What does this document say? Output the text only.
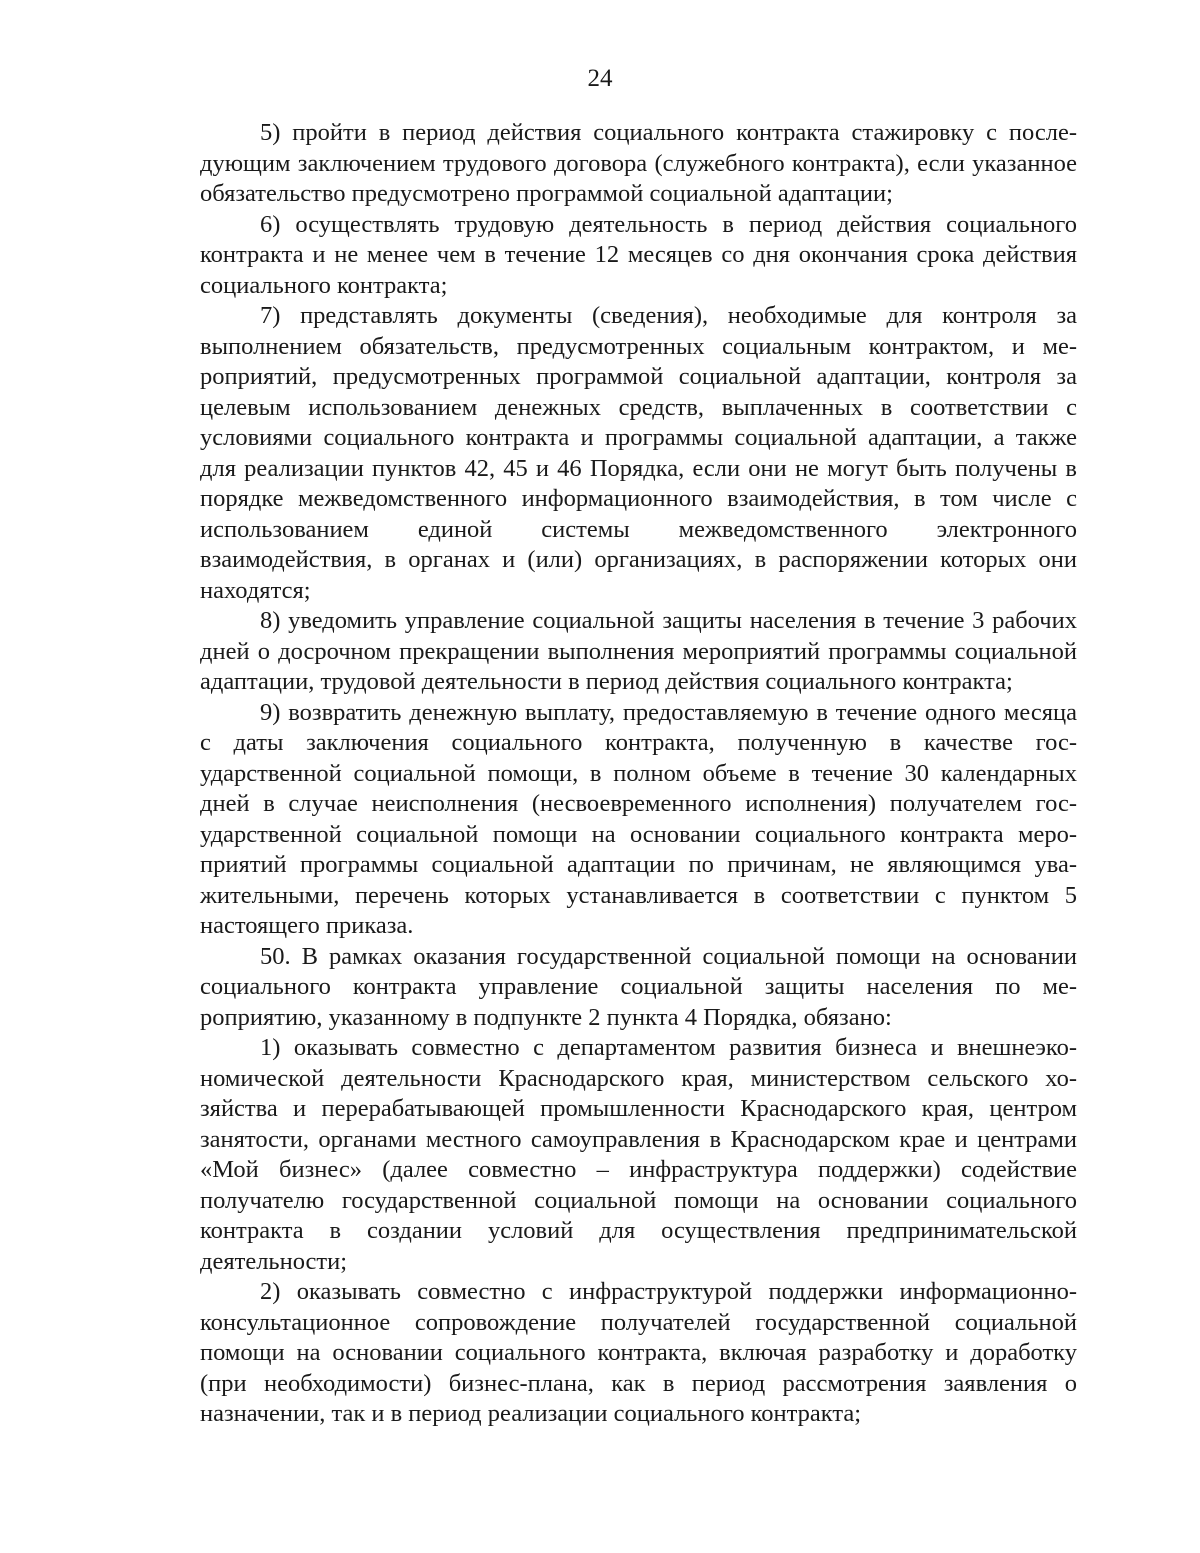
24

5) пройти в период действия социального контракта стажировку с последующим заключением трудового договора (служебного контракта), если указанное обязательство предусмотрено программой социальной адаптации;

6) осуществлять трудовую деятельность в период действия социального контракта и не менее чем в течение 12 месяцев со дня окончания срока действия социального контракта;

7) представлять документы (сведения), необходимые для контроля за выполнением обязательств, предусмотренных социальным контрактом, и мероприятий, предусмотренных программой социальной адаптации, контроля за целевым использованием денежных средств, выплаченных в соответствии с условиями социального контракта и программы социальной адаптации, а также для реализации пунктов 42, 45 и 46 Порядка, если они не могут быть получены в порядке межведомственного информационного взаимодействия, в том числе с использованием единой системы межведомственного электронного взаимодействия, в органах и (или) организациях, в распоряжении которых они находятся;

8) уведомить управление социальной защиты населения в течение 3 рабочих дней о досрочном прекращении выполнения мероприятий программы социальной адаптации, трудовой деятельности в период действия социального контракта;

9) возвратить денежную выплату, предоставляемую в течение одного месяца с даты заключения социального контракта, полученную в качестве государственной социальной помощи, в полном объеме в течение 30 календарных дней в случае неисполнения (несвоевременного исполнения) получателем государственной социальной помощи на основании социального контракта мероприятий программы социальной адаптации по причинам, не являющимся уважительными, перечень которых устанавливается в соответствии с пунктом 5 настоящего приказа.

50. В рамках оказания государственной социальной помощи на основании социального контракта управление социальной защиты населения по мероприятию, указанному в подпункте 2 пункта 4 Порядка, обязано:

1) оказывать совместно с департаментом развития бизнеса и внешнеэкономической деятельности Краснодарского края, министерством сельского хозяйства и перерабатывающей промышленности Краснодарского края, центром занятости, органами местного самоуправления в Краснодарском крае и центрами «Мой бизнес» (далее совместно – инфраструктура поддержки) содействие получателю государственной социальной помощи на основании социального контракта в создании условий для осуществления предпринимательской деятельности;

2) оказывать совместно с инфраструктурой поддержки информационно-консультационное сопровождение получателей государственной социальной помощи на основании социального контракта, включая разработку и доработку (при необходимости) бизнес-плана, как в период рассмотрения заявления о назначении, так и в период реализации социального контракта;
